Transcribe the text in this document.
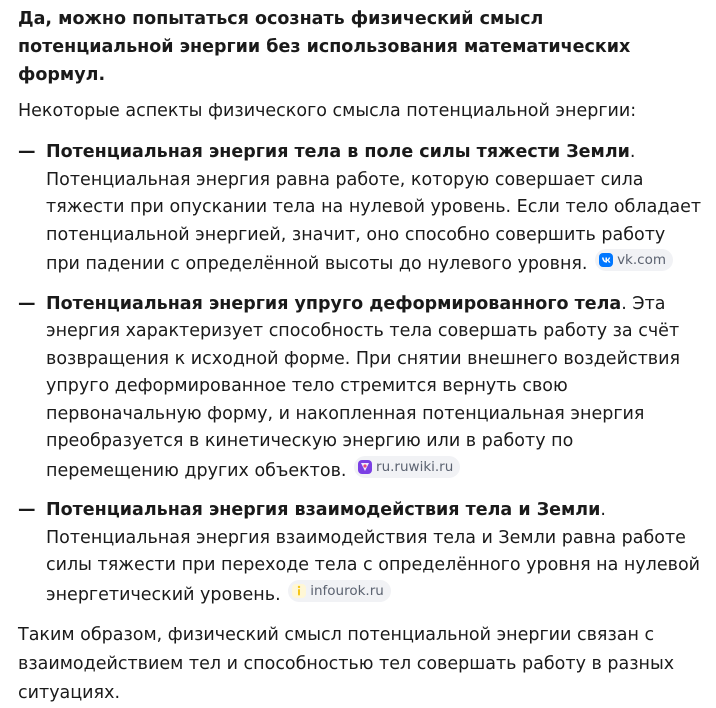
Да, можно попытаться осознать физический смысл потенциальной энергии без использования математических формул.

Некоторые аспекты физического смысла потенциальной энергии:

— Потенциальная энергия тела в поле силы тяжести Земли. Потенциальная энергия равна работе, которую совершает сила тяжести при опускании тела на нулевой уровень. Если тело обладает потенциальной энергией, значит, оно способно совершить работу при падении с определённой высоты до нулевого уровня. vk.com
— Потенциальная энергия упруго деформированного тела. Эта энергия характеризует способность тела совершать работу за счёт возвращения к исходной форме. При снятии внешнего воздействия упруго деформированное тело стремится вернуть свою первоначальную форму, и накопленная потенциальная энергия преобразуется в кинетическую энергию или в работу по перемещению других объектов. ru.ruwiki.ru
— Потенциальная энергия взаимодействия тела и Земли. Потенциальная энергия взаимодействия тела и Земли равна работе силы тяжести при переходе тела с определённого уровня на нулевой энергетический уровень. infourok.ru

Таким образом, физический смысл потенциальной энергии связан с взаимодействием тел и способностью тел совершать работу в разных ситуациях.
